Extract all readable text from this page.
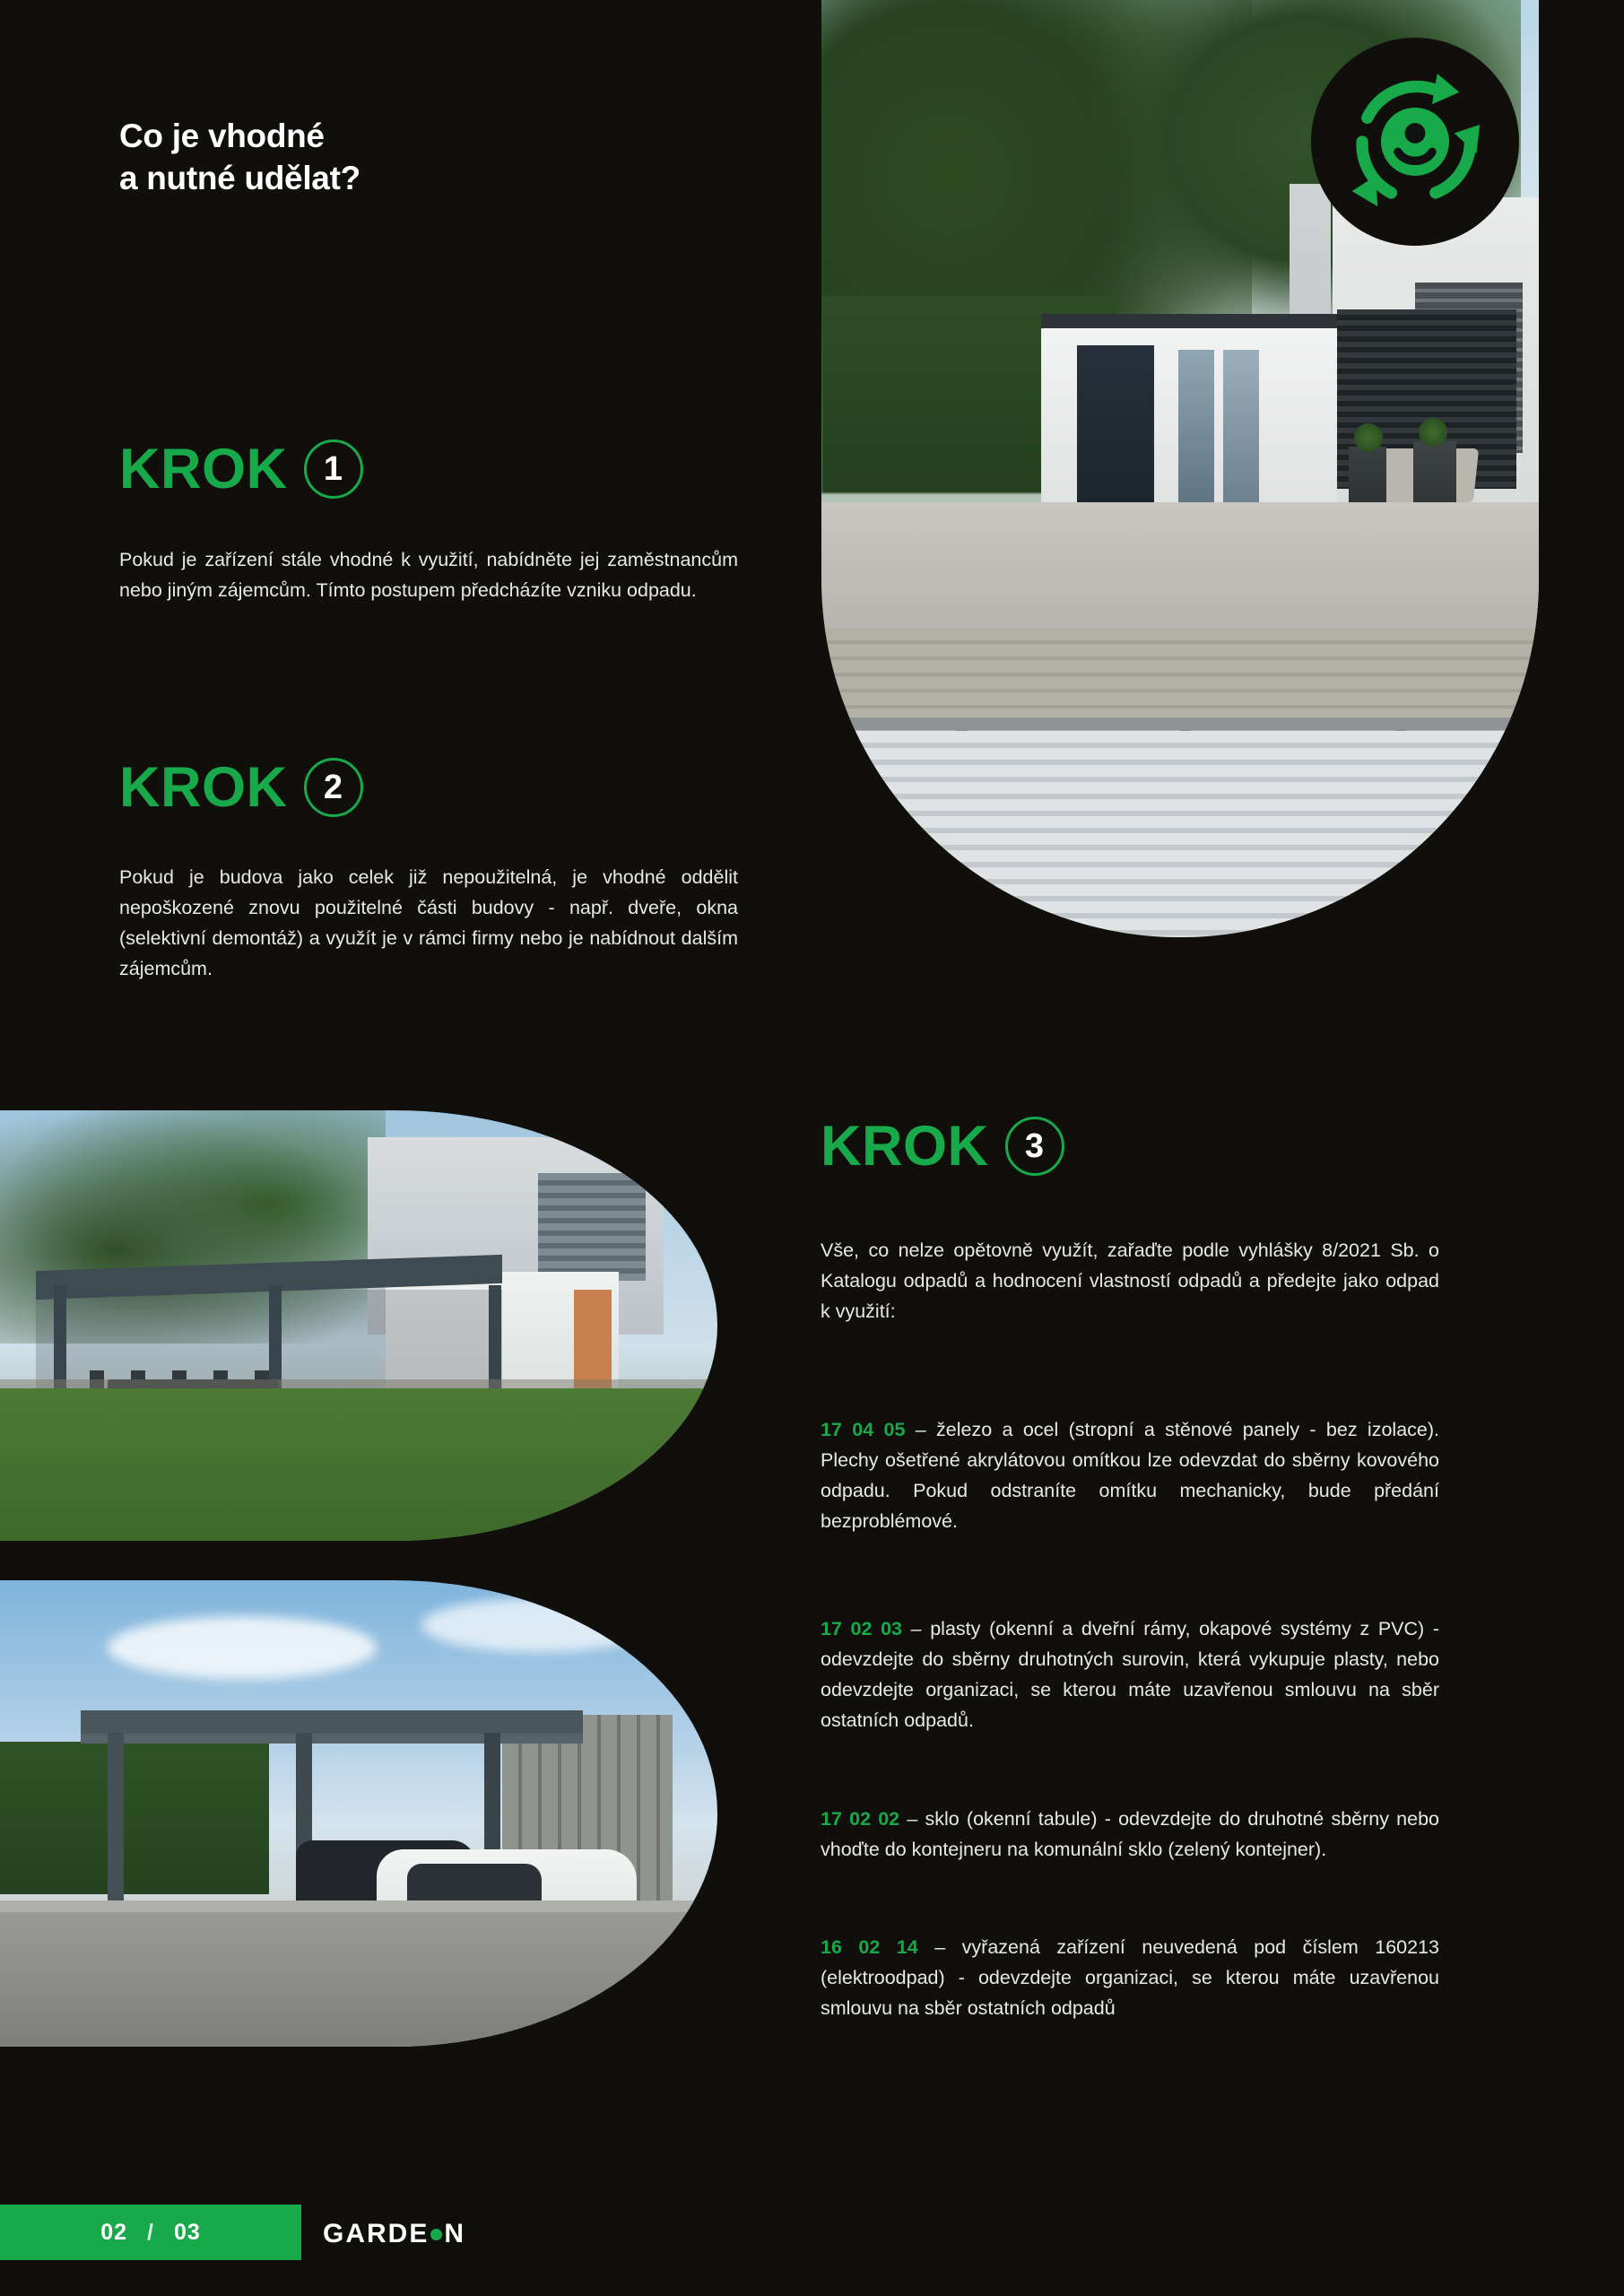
Co je vhodné
a nutné udělat?
KROK	1
Pokud je zařízení stále vhodné k využití, nabídněte jej zaměstnancům nebo jiným zájemcům. Tímto postupem předcházíte vzniku odpadu.
KROK	2
Pokud je budova jako celek již nepoužitelná, je vhodné oddělit nepoškozené znovu použitelné části budovy - např. dveře, okna (selektivní demontáž) a využít je v rámci firmy nebo je nabídnout dalším zájemcům.
KROK	3
Vše, co nelze opětovně využít, zařaďte podle vyhlášky 8/2021 Sb. o Katalogu odpadů a hodnocení vlastností odpadů a předejte jako odpad k využití:
17 04 05 – železo a ocel (stropní a stěnové panely - bez izolace). Plechy ošetřené akrylátovou omítkou lze odevzdat do sběrny kovového odpadu. Pokud odstraníte omítku mechanicky, bude předání bezproblémové.
17 02 03 – plasty (okenní a dveřní rámy, okapové systémy z PVC) - odevzdejte do sběrny druhotných surovin, která vykupuje plasty, nebo odevzdejte organizaci, se kterou máte uzavřenou smlouvu na sběr ostatních odpadů.
17 02 02 – sklo (okenní tabule) - odevzdejte do druhotné sběrny nebo vhoďte do kontejneru na komunální sklo (zelený kontejner).
16 02 14 – vyřazená zařízení neuvedená pod číslem 160213 (elektroodpad) - odevzdejte organizaci, se kterou máte uzavřenou smlouvu na sběr ostatních odpadů
02 / 03	GARDE N
